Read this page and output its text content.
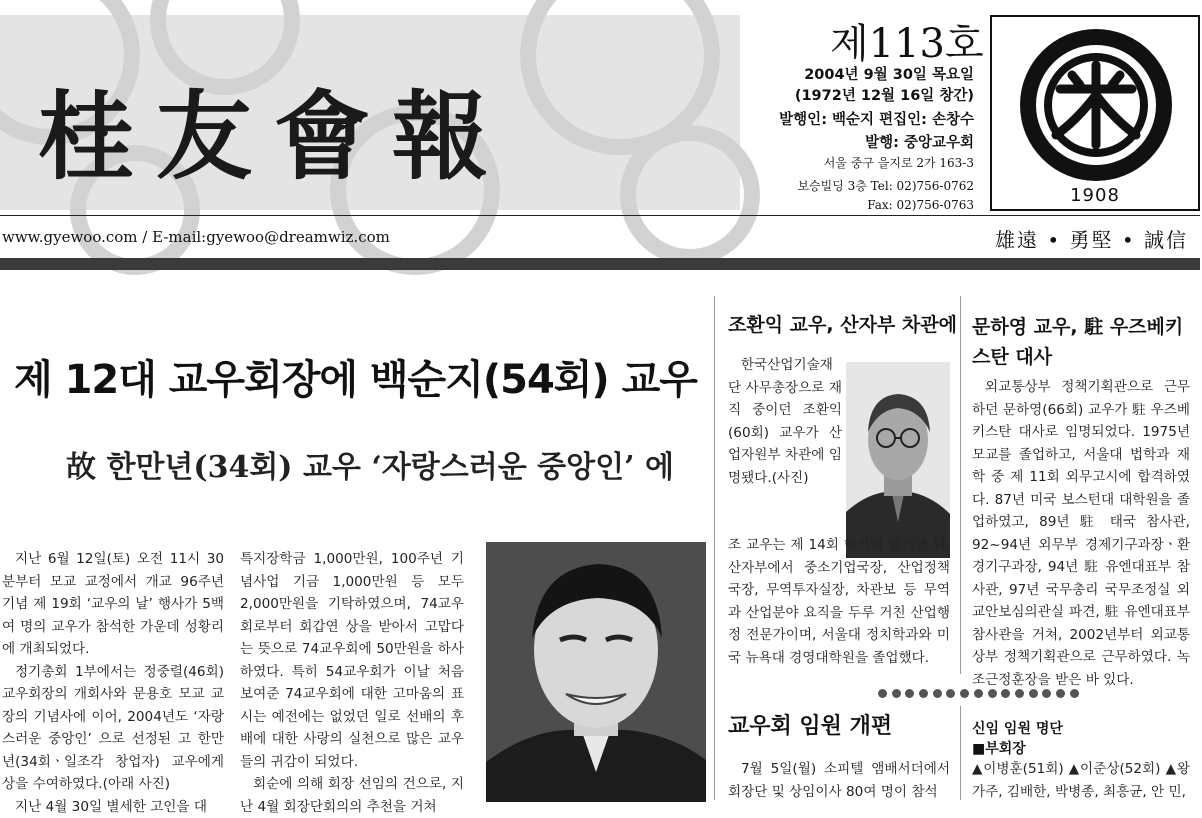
桂友會報
제113호
2004년 9월 30일 목요일
(1972년 12월 16일 창간)
발행인: 백순지 편집인: 손창수
발행: 중앙교우회
서울 중구 을지로 2가 163-3
보승빌딩 3층 Tel: 02)756-0762
Fax: 02)756-0763	1908
www.gyewoo.com / E-mail:gyewoo@dreamwiz.com	雄遠 • 勇堅 • 誠信
제 12대 교우회장에 백순지(54회) 교우
故 한만년(34회) 교우 ‘자랑스러운 중앙인’ 에

지난 6월 12일(토) 오전 11시 30분부터 모교 교정에서 개교 96주년 기념 제 19회 ‘교우의 날’ 행사가 5백여 명의 교우가 참석한 가운데 성황리에 개최되었다.

정기총회 1부에서는 정중렬(46회) 교우회장의 개회사와 문용호 모교 교장의 기념사에 이어, 2004년도 ‘자랑스러운 중앙인’ 으로 선정된 고 한만년(34회ㆍ일조각 창업자) 교우에게 상을 수여하였다.(아래 사진)

지난 4월 30일 별세한 고인을 대

특지장학금 1,000만원, 100주년 기념사업 기금 1,000만원 등 모두 2,000만원을 기탁하였으며, 74교우회로부터 회갑연 상을 받아서 고맙다는 뜻으로 74교우회에 50만원을 하사하였다. 특히 54교우회가 이날 처음 보여준 74교우회에 대한 고마움의 표시는 예전에는 없었던 일로 선배의 후배에 대한 사랑의 실천으로 많은 교우들의 귀감이 되었다.

회순에 의해 회장 선임의 건으로, 지난 4월 회장단회의의 추천을 거쳐

조환익 교우, 산자부 차관에

한국산업기술재단 사무총장으로 재직 중이던 조환익(60회) 교우가 산업자원부 차관에 임명됐다.(사진)

조 교우는 제 14회 행시에 합격한 뒤, 산자부에서 중소기업국장, 산업정책국장, 무역투자실장, 차관보 등 무역과 산업분야 요직을 두루 거친 산업행정 전문가이며, 서울대 정치학과와 미국 뉴욕대 경영대학원을 졸업했다.

문하영 교우, 駐 우즈베키스탄 대사

외교통상부 정책기획관으로 근무하던 문하영(66회) 교우가 駐 우즈베키스탄 대사로 임명되었다. 1975년 모교를 졸업하고, 서울대 법학과 재학 중 제 11회 외무고시에 합격하였다. 87년 미국 보스턴대 대학원을 졸업하였고, 89년 駐 태국 참사관, 92~94년 외무부 경제기구과장ㆍ환경기구과장, 94년 駐 유엔대표부 참사관, 97년 국무총리 국무조정실 외교안보심의관실 파견, 駐 유엔대표부 참사관을 거쳐, 2002년부터 외교통상부 정책기획관으로 근무하였다. 녹조근정훈장을 받은 바 있다.

교우회 임원 개편

7월 5일(월) 소피텔 앰배서더에서 회장단 및 상임이사 80여 명이 참석

신임 임원 명단
■부회장

▲이병훈(51회) ▲이준상(52회) ▲왕가주, 김배한, 박병종, 최흥균, 안 민,
